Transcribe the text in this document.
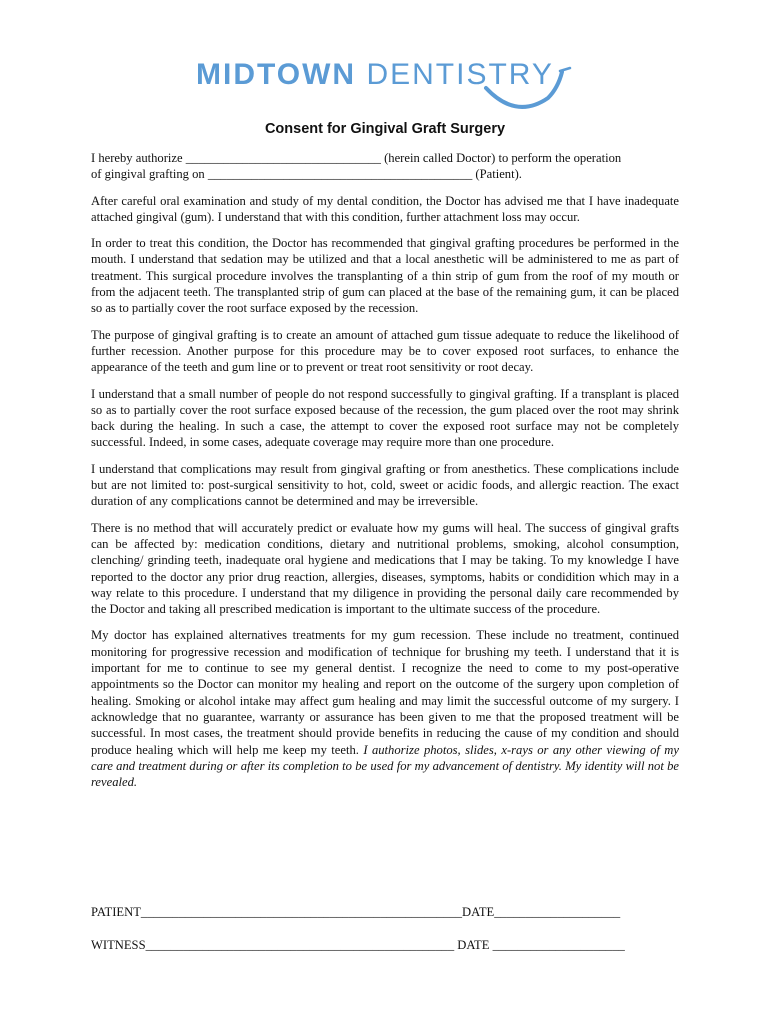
MIDTOWN DENTISTRY
Consent for Gingival Graft Surgery

I hereby authorize _______________________________ (herein called Doctor) to perform the operation
of gingival grafting on __________________________________________ (Patient).

After careful oral examination and study of my dental condition, the Doctor has advised me that I have inadequate attached gingival (gum). I understand that with this condition, further attachment loss may occur.

In order to treat this condition, the Doctor has recommended that gingival grafting procedures be performed in the mouth. I understand that sedation may be utilized and that a local anesthetic will be administered to me as part of treatment. This surgical procedure involves the transplanting of a thin strip of gum from the roof of my mouth or from the adjacent teeth. The transplanted strip of gum can placed at the base of the remaining gum, it can be placed so as to partially cover the root surface exposed by the recession.

The purpose of gingival grafting is to create an amount of attached gum tissue adequate to reduce the likelihood of further recession. Another purpose for this procedure may be to cover exposed root surfaces, to enhance the appearance of the teeth and gum line or to prevent or treat root sensitivity or root decay.

I understand that a small number of people do not respond successfully to gingival grafting. If a transplant is placed so as to partially cover the root surface exposed because of the recession, the gum placed over the root may shrink back during the healing. In such a case, the attempt to cover the exposed root surface may not be completely successful. Indeed, in some cases, adequate coverage may require more than one procedure.

I understand that complications may result from gingival grafting or from anesthetics. These complications include but are not limited to: post-surgical sensitivity to hot, cold, sweet or acidic foods, and allergic reaction. The exact duration of any complications cannot be determined and may be irreversible.

There is no method that will accurately predict or evaluate how my gums will heal. The success of gingival grafts can be affected by: medication conditions, dietary and nutritional problems, smoking, alcohol consumption, clenching/ grinding teeth, inadequate oral hygiene and medications that I may be taking. To my knowledge I have reported to the doctor any prior drug reaction, allergies, diseases, symptoms, habits or condidition which may in a way relate to this procedure. I understand that my diligence in providing the personal daily care recommended by the Doctor and taking all prescribed medication is important to the ultimate success of the procedure.

My doctor has explained alternatives treatments for my gum recession. These include no treatment, continued monitoring for progressive recession and modification of technique for brushing my teeth. I understand that it is important for me to continue to see my general dentist. I recognize the need to come to my post-operative appointments so the Doctor can monitor my healing and report on the outcome of the surgery upon completion of healing. Smoking or alcohol intake may affect gum healing and may limit the successful outcome of my surgery. I acknowledge that no guarantee, warranty or assurance has been given to me that the proposed treatment will be successful. In most cases, the treatment should provide benefits in reducing the cause of my condition and should produce healing which will help me keep my teeth. I authorize photos, slides, x-rays or any other viewing of my care and treatment during or after its completion to be used for my advancement of dentistry. My identity will not be revealed.

PATIENT___________________________________________________DATE____________________
WITNESS_________________________________________________ DATE _____________________
